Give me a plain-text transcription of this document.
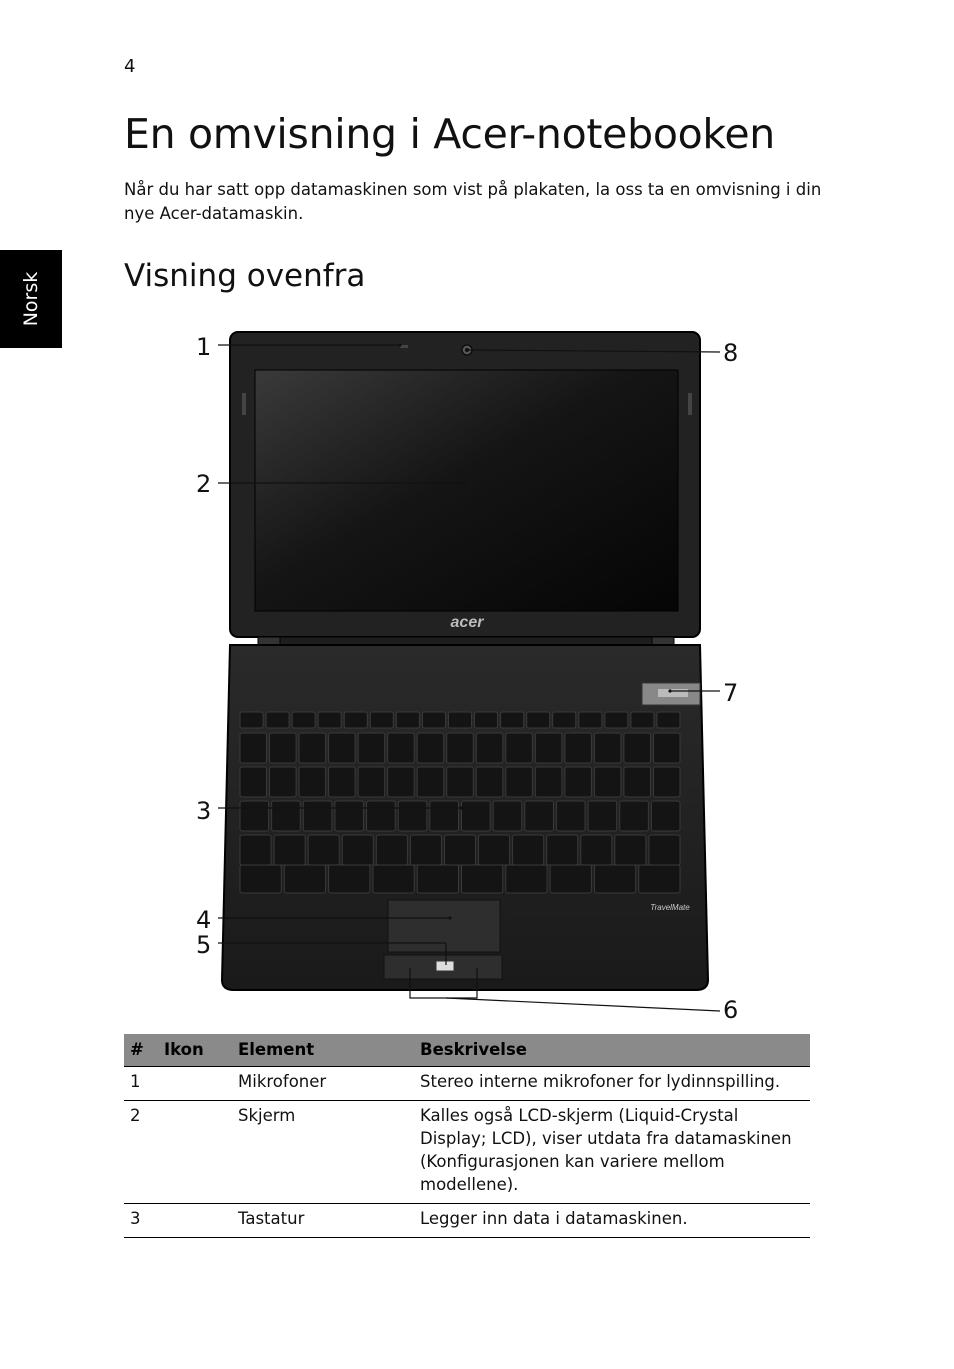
4
Norsk
En omvisning i Acer-notebooken

Når du har satt opp datamaskinen som vist på plakaten, la oss ta en omvisning i din nye Acer-datamaskin.

Visning ovenfra
acer
TravelMate
1
2
3
4
5
6
7
8
#	Ikon	Element	Beskrivelse
1		Mikrofoner	Stereo interne mikrofoner for lydinnspilling.
2		Skjerm	Kalles også LCD-skjerm (Liquid-Crystal Display; LCD), viser utdata fra datamaskinen (Konfigurasjonen kan variere mellom modellene).
3		Tastatur	Legger inn data i datamaskinen.
